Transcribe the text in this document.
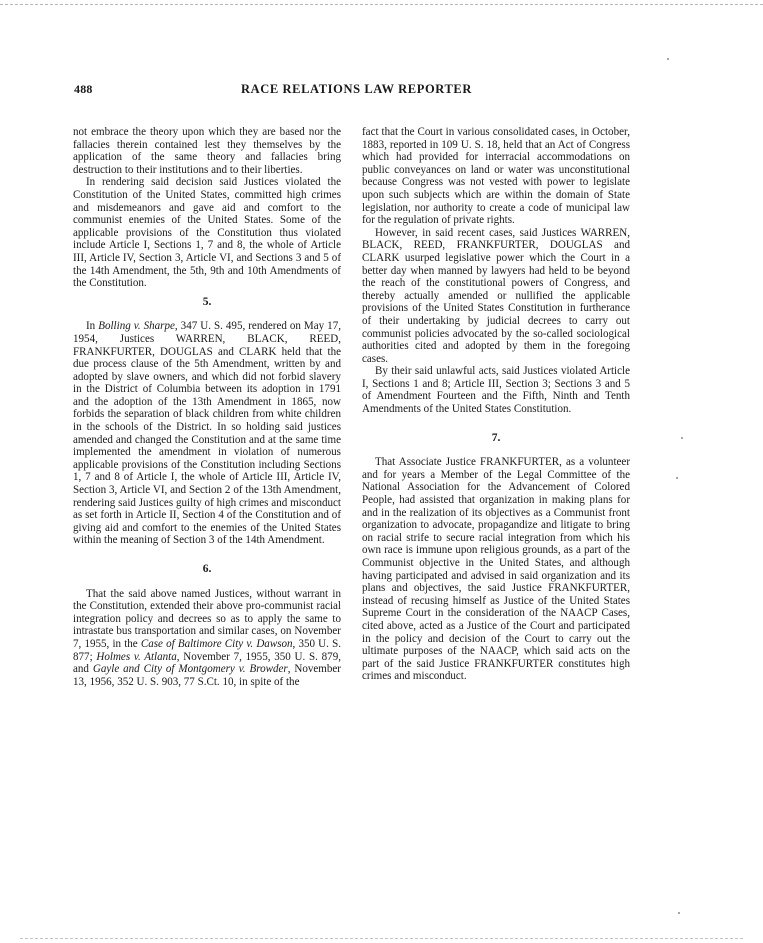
488	RACE RELATIONS LAW REPORTER

not embrace the theory upon which they are based nor the fallacies therein contained lest they themselves by the application of the same theory and fallacies bring destruction to their institutions and to their liberties.

In rendering said decision said Justices violated the Constitution of the United States, committed high crimes and misdemeanors and gave aid and comfort to the communist enemies of the United States. Some of the applicable provisions of the Constitution thus violated include Article I, Sections 1, 7 and 8, the whole of Article III, Article IV, Section 3, Article VI, and Sections 3 and 5 of the 14th Amendment, the 5th, 9th and 10th Amendments of the Constitution.

5.

In Bolling v. Sharpe, 347 U. S. 495, rendered on May 17, 1954, Justices WARREN, BLACK, REED, FRANKFURTER, DOUGLAS and CLARK held that the due process clause of the 5th Amendment, written by and adopted by slave owners, and which did not forbid slavery in the District of Columbia between its adoption in 1791 and the adoption of the 13th Amendment in 1865, now forbids the separation of black children from white children in the schools of the District. In so holding said justices amended and changed the Constitution and at the same time implemented the amendment in violation of numerous applicable provisions of the Constitution including Sections 1, 7 and 8 of Article I, the whole of Article III, Article IV, Section 3, Article VI, and Section 2 of the 13th Amendment, rendering said Justices guilty of high crimes and misconduct as set forth in Article II, Section 4 of the Constitution and of giving aid and comfort to the enemies of the United States within the meaning of Section 3 of the 14th Amendment.

6.

That the said above named Justices, without warrant in the Constitution, extended their above pro-communist racial integration policy and decrees so as to apply the same to intrastate bus transportation and similar cases, on November 7, 1955, in the Case of Baltimore City v. Dawson, 350 U. S. 877; Holmes v. Atlanta, November 7, 1955, 350 U. S. 879, and Gayle and City of Montgomery v. Browder, November 13, 1956, 352 U. S. 903, 77 S.Ct. 10, in spite of the

fact that the Court in various consolidated cases, in October, 1883, reported in 109 U. S. 18, held that an Act of Congress which had provided for interracial accommodations on public conveyances on land or water was unconstitutional because Congress was not vested with power to legislate upon such subjects which are within the domain of State legislation, nor authority to create a code of municipal law for the regulation of private rights.

However, in said recent cases, said Justices WARREN, BLACK, REED, FRANKFURTER, DOUGLAS and CLARK usurped legislative power which the Court in a better day when manned by lawyers had held to be beyond the reach of the constitutional powers of Congress, and thereby actually amended or nullified the applicable provisions of the United States Constitution in furtherance of their undertaking by judicial decrees to carry out communist policies advocated by the so-called sociological authorities cited and adopted by them in the foregoing cases.

By their said unlawful acts, said Justices violated Article I, Sections 1 and 8; Article III, Section 3; Sections 3 and 5 of Amendment Fourteen and the Fifth, Ninth and Tenth Amendments of the United States Constitution.

7.

That Associate Justice FRANKFURTER, as a volunteer and for years a Member of the Legal Committee of the National Association for the Advancement of Colored People, had assisted that organization in making plans for and in the realization of its objectives as a Communist front organization to advocate, propagandize and litigate to bring on racial strife to secure racial integration from which his own race is immune upon religious grounds, as a part of the Communist objective in the United States, and although having participated and advised in said organization and its plans and objectives, the said Justice FRANKFURTER, instead of recusing himself as Justice of the United States Supreme Court in the consideration of the NAACP Cases, cited above, acted as a Justice of the Court and participated in the policy and decision of the Court to carry out the ultimate purposes of the NAACP, which said acts on the part of the said Justice FRANKFURTER constitutes high crimes and misconduct.
